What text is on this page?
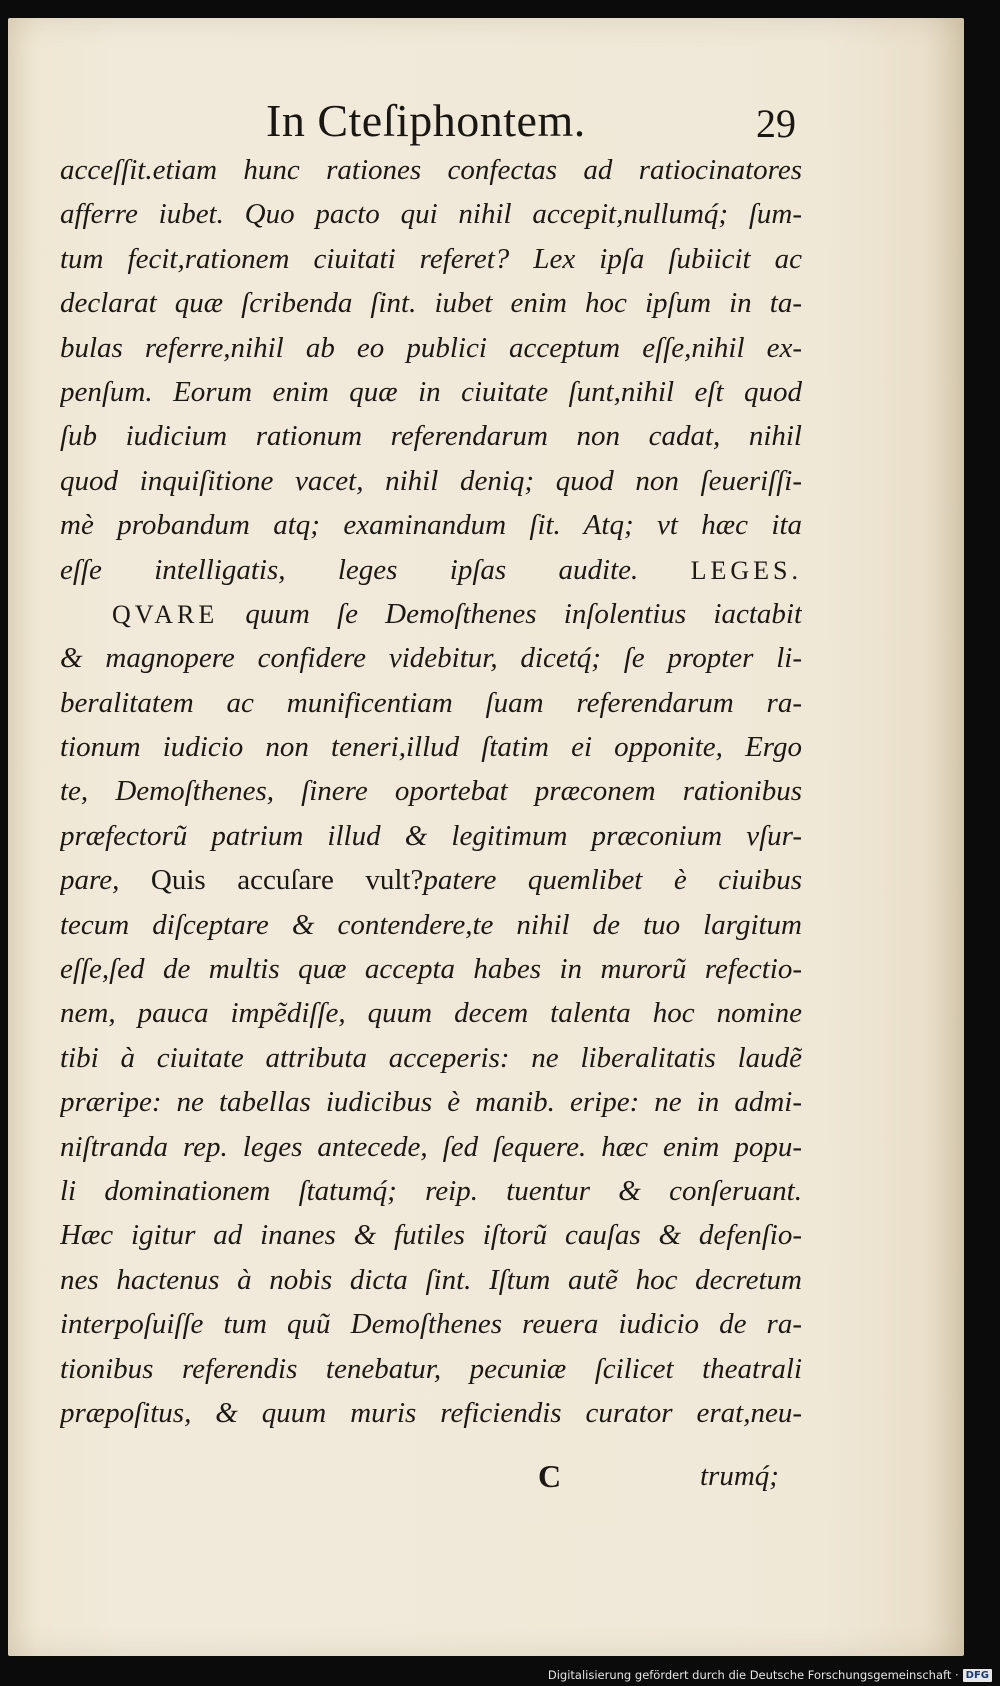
In Cteſiphontem.	29
acceſſit.etiam hunc rationes confectas ad ratiocinatores
afferre iubet. Quo pacto qui nihil accepit,nullumq́; ſum-
tum fecit,rationem ciuitati referet? Lex ipſa ſubiicit ac
declarat quæ ſcribenda ſint. iubet enim hoc ipſum in ta-
bulas referre,nihil ab eo publici acceptum eſſe,nihil ex-
penſum. Eorum enim quæ in ciuitate ſunt,nihil eſt quod
ſub iudicium rationum referendarum non cadat, nihil
quod inquiſitione vacet, nihil deniq; quod non ſeueriſſi-
mè probandum atq; examinandum ſit. Atq; vt hæc ita
eſſe intelligatis, leges ipſas audite. LEGES.
QVARE quum ſe Demoſthenes inſolentius iactabit
& magnopere confidere videbitur, dicetq́; ſe propter li-
beralitatem ac munificentiam ſuam referendarum ra-
tionum iudicio non teneri,illud ſtatim ei opponite, Ergo
te, Demoſthenes, ſinere oportebat præconem rationibus
præfectorũ patrium illud & legitimum præconium vſur-
pare, Quis accuſare vult?patere quemlibet è ciuibus
tecum diſceptare & contendere,te nihil de tuo largitum
eſſe,ſed de multis quæ accepta habes in murorũ refectio-
nem, pauca impẽdiſſe, quum decem talenta hoc nomine
tibi à ciuitate attributa acceperis: ne liberalitatis laudẽ
præripe: ne tabellas iudicibus è manib. eripe: ne in admi-
niſtranda rep. leges antecede, ſed ſequere. hæc enim popu-
li dominationem ſtatumq́; reip. tuentur & conſeruant.
Hæc igitur ad inanes & futiles iſtorũ cauſas & defenſio-
nes hactenus à nobis dicta ſint. Iſtum autẽ hoc decretum
interpoſuiſſe tum quũ Demoſthenes reuera iudicio de ra-
tionibus referendis tenebatur, pecuniæ ſcilicet theatrali
præpoſitus, & quum muris reficiendis curator erat,neu-
C	trumq́;
Digitalisierung gefördert durch die Deutsche Forschungsgemeinschaft · DFG
